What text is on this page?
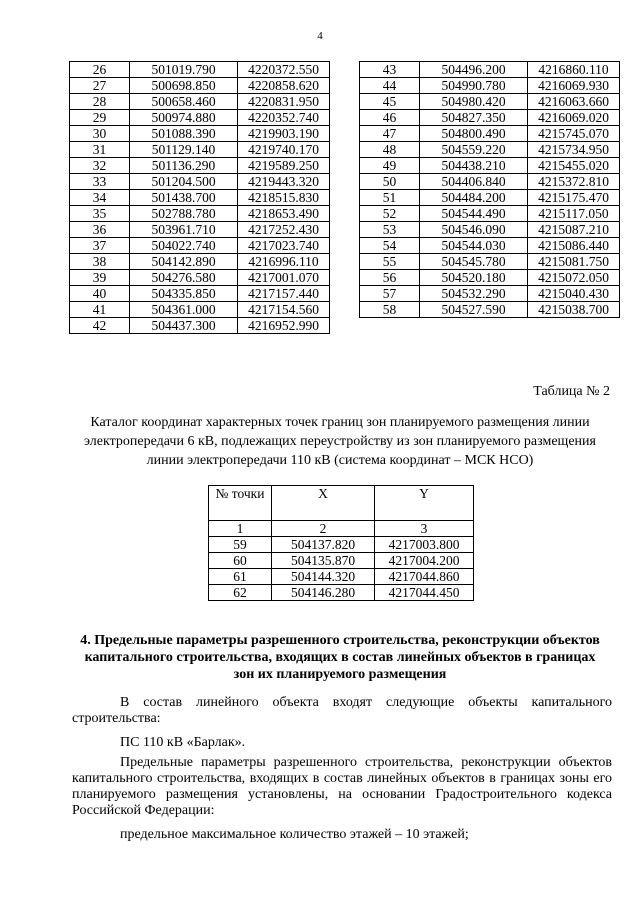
4
26	501019.790	4220372.550
27	500698.850	4220858.620
28	500658.460	4220831.950
29	500974.880	4220352.740
30	501088.390	4219903.190
31	501129.140	4219740.170
32	501136.290	4219589.250
33	501204.500	4219443.320
34	501438.700	4218515.830
35	502788.780	4218653.490
36	503961.710	4217252.430
37	504022.740	4217023.740
38	504142.890	4216996.110
39	504276.580	4217001.070
40	504335.850	4217157.440
41	504361.000	4217154.560
42	504437.300	4216952.990
43	504496.200	4216860.110
44	504990.780	4216069.930
45	504980.420	4216063.660
46	504827.350	4216069.020
47	504800.490	4215745.070
48	504559.220	4215734.950
49	504438.210	4215455.020
50	504406.840	4215372.810
51	504484.200	4215175.470
52	504544.490	4215117.050
53	504546.090	4215087.210
54	504544.030	4215086.440
55	504545.780	4215081.750
56	504520.180	4215072.050
57	504532.290	4215040.430
58	504527.590	4215038.700
Таблица № 2
Каталог координат характерных точек границ зон планируемого размещения линии электропередачи 6 кВ, подлежащих переустройству из зон планируемого размещения линии электропередачи 110 кВ (система координат – МСК НСО)
№ точки	X	Y
1	2	3
59	504137.820	4217003.800
60	504135.870	4217004.200
61	504144.320	4217044.860
62	504146.280	4217044.450
4. Предельные параметры разрешенного строительства, реконструкции объектов капитального строительства, входящих в состав линейных объектов в границах зон их планируемого размещения
В состав линейного объекта входят следующие объекты капитального строительства:
ПС 110 кВ «Барлак».
Предельные параметры разрешенного строительства, реконструкции объектов капитального строительства, входящих в состав линейных объектов в границах зоны его планируемого размещения установлены, на основании Градостроительного кодекса Российской Федерации:
предельное максимальное количество этажей – 10 этажей;
